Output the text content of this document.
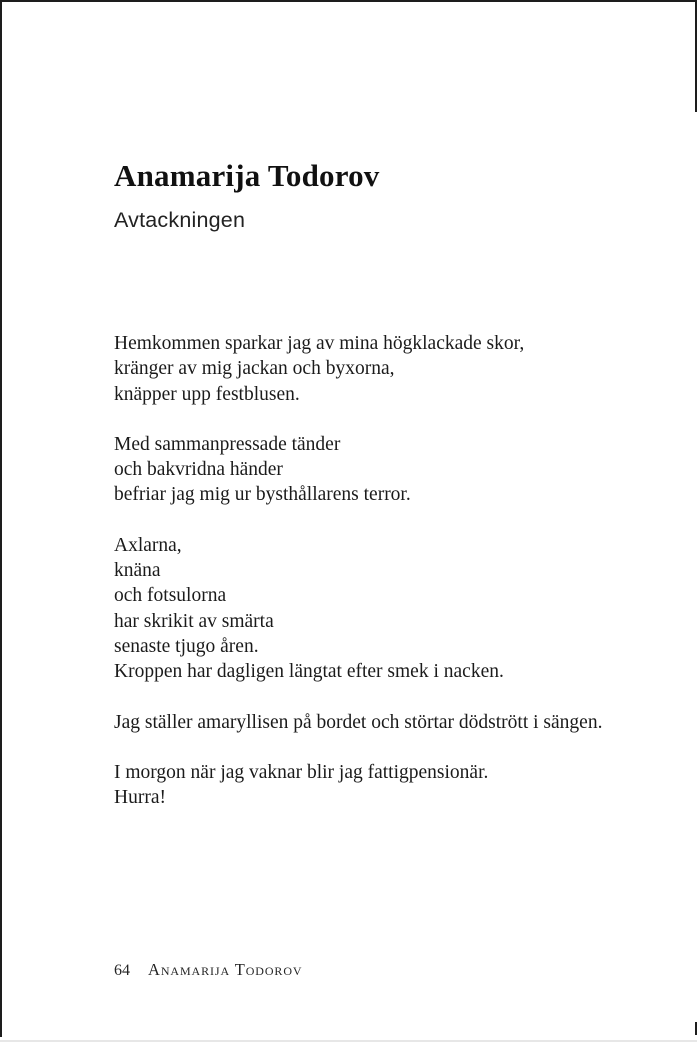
Anamarija Todorov
Avtackningen

Hemkommen sparkar jag av mina högklackade skor,
kränger av mig jackan och byxorna,
knäpper upp festblusen.

Med sammanpressade tänder
och bakvridna händer
befriar jag mig ur bysthållarens terror.

Axlarna,
knäna
och fotsulorna
har skrikit av smärta
senaste tjugo åren.
Kroppen har dagligen längtat efter smek i nacken.

Jag ställer amaryllisen på bordet och störtar dödstrött i sängen.

I morgon när jag vaknar blir jag fattigpensionär.
Hurra!

64 Anamarija Todorov
